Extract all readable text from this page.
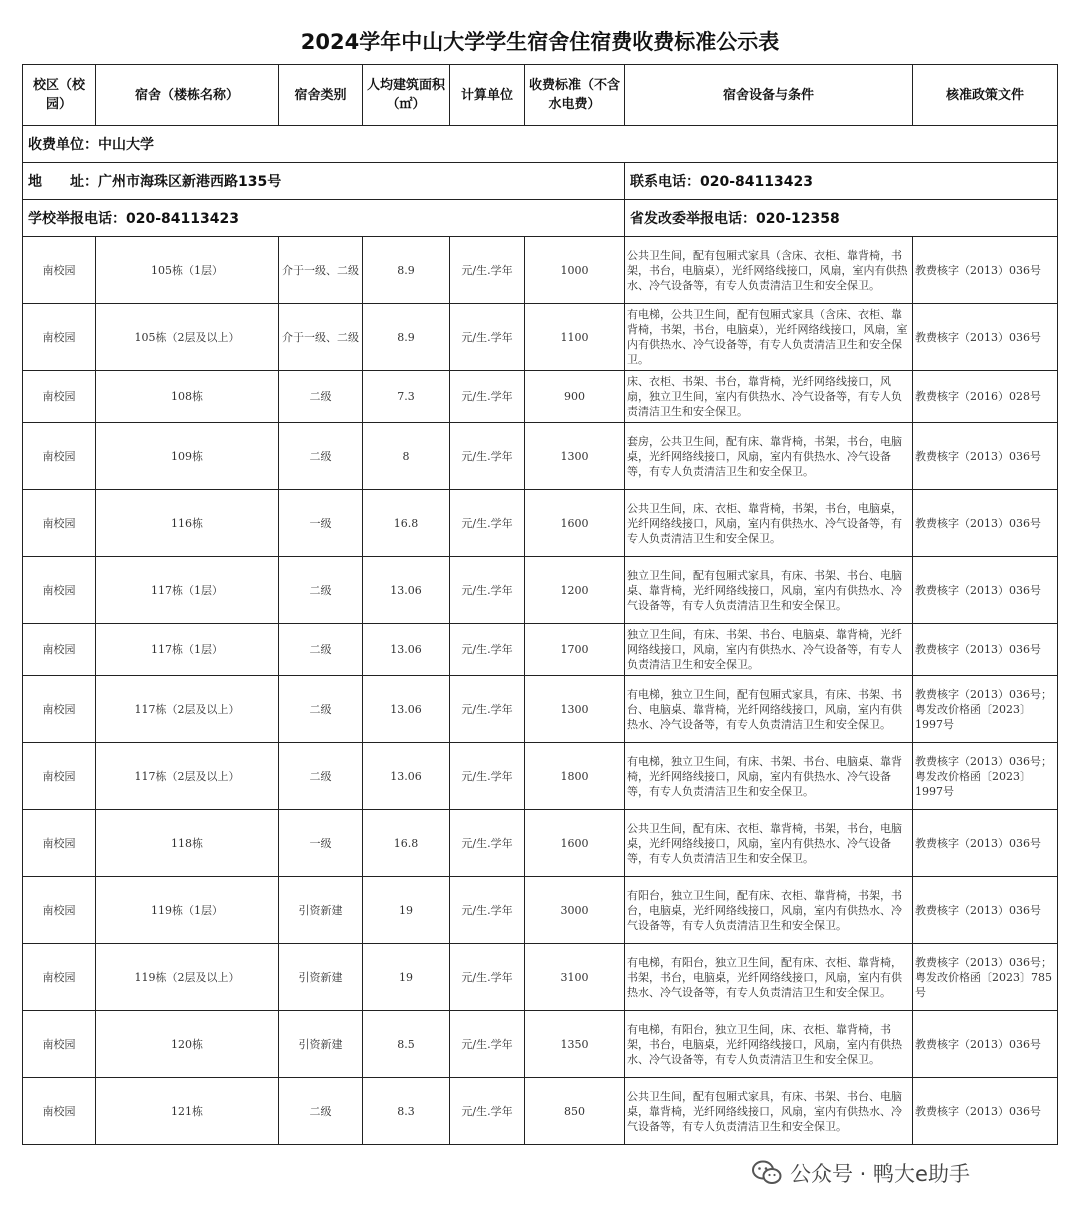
2024学年中山大学学生宿舍住宿费收费标准公示表
收费单位：中山大学							
地　　址：广州市海珠区新港西路135号						联系电话：020-84113423	
学校举报电话：020-84113423						省发改委举报电话：020-12358	
校区（校园）	宿舍（楼栋名称）	宿舍类别	人均建筑面积（㎡）	计算单位	收费标准（不含水电费）	宿舍设备与条件	核准政策文件
南校园	105栋（1层）	介于一级、二级	8.9	元/生.学年	1000	公共卫生间，配有包厢式家具（含床、衣柜、靠背椅，书架，书台，电脑桌），光纤网络线接口，风扇，室内有供热水、冷气设备等，有专人负责清洁卫生和安全保卫。	教费核字（2013）036号
南校园	105栋（2层及以上）	介于一级、二级	8.9	元/生.学年	1100	有电梯，公共卫生间，配有包厢式家具（含床、衣柜、靠背椅，书架，书台，电脑桌），光纤网络线接口，风扇，室内有供热水、冷气设备等，有专人负责清洁卫生和安全保卫。	教费核字（2013）036号
南校园	108栋	二级	7.3	元/生.学年	900	床、衣柜、书架、书台，靠背椅，光纤网络线接口，风扇，独立卫生间，室内有供热水、冷气设备等，有专人负责清洁卫生和安全保卫。	教费核字（2016）028号
南校园	109栋	二级	8	元/生.学年	1300	套房，公共卫生间，配有床、靠背椅，书架，书台，电脑桌，光纤网络线接口，风扇，室内有供热水、冷气设备等，有专人负责清洁卫生和安全保卫。	教费核字（2013）036号
南校园	116栋	一级	16.8	元/生.学年	1600	公共卫生间，床、衣柜、靠背椅，书架，书台，电脑桌，光纤网络线接口，风扇，室内有供热水、冷气设备等，有专人负责清洁卫生和安全保卫。	教费核字（2013）036号
南校园	117栋（1层）	二级	13.06	元/生.学年	1200	独立卫生间，配有包厢式家具，有床、书架、书台、电脑桌、靠背椅，光纤网络线接口，风扇，室内有供热水、冷气设备等，有专人负责清洁卫生和安全保卫。	教费核字（2013）036号
南校园	117栋（1层）	二级	13.06	元/生.学年	1700	独立卫生间，有床、书架、书台、电脑桌、靠背椅，光纤网络线接口，风扇，室内有供热水、冷气设备等，有专人负责清洁卫生和安全保卫。	教费核字（2013）036号
南校园	117栋（2层及以上）	二级	13.06	元/生.学年	1300	有电梯，独立卫生间，配有包厢式家具，有床、书架、书台、电脑桌、靠背椅，光纤网络线接口，风扇，室内有供热水、冷气设备等，有专人负责清洁卫生和安全保卫。	教费核字（2013）036号；粤发改价格函〔2023〕1997号
南校园	117栋（2层及以上）	二级	13.06	元/生.学年	1800	有电梯，独立卫生间，有床、书架、书台、电脑桌、靠背椅，光纤网络线接口，风扇，室内有供热水、冷气设备等，有专人负责清洁卫生和安全保卫。	教费核字（2013）036号；粤发改价格函〔2023〕1997号
南校园	118栋	一级	16.8	元/生.学年	1600	公共卫生间，配有床、衣柜、靠背椅，书架，书台，电脑桌，光纤网络线接口，风扇，室内有供热水、冷气设备等，有专人负责清洁卫生和安全保卫。	教费核字（2013）036号
南校园	119栋（1层）	引资新建	19	元/生.学年	3000	有阳台，独立卫生间，配有床、衣柜、靠背椅，书架，书台，电脑桌，光纤网络线接口，风扇，室内有供热水、冷气设备等，有专人负责清洁卫生和安全保卫。	教费核字（2013）036号
南校园	119栋（2层及以上）	引资新建	19	元/生.学年	3100	有电梯，有阳台，独立卫生间，配有床、衣柜、靠背椅，书架，书台，电脑桌，光纤网络线接口，风扇，室内有供热水、冷气设备等，有专人负责清洁卫生和安全保卫。	教费核字（2013）036号；粤发改价格函〔2023〕785号
南校园	120栋	引资新建	8.5	元/生.学年	1350	有电梯，有阳台，独立卫生间，床、衣柜、靠背椅，书架，书台，电脑桌，光纤网络线接口，风扇，室内有供热水、冷气设备等，有专人负责清洁卫生和安全保卫。	教费核字（2013）036号
南校园	121栋	二级	8.3	元/生.学年	850	公共卫生间，配有包厢式家具，有床、书架、书台、电脑桌，靠背椅，光纤网络线接口，风扇，室内有供热水、冷气设备等，有专人负责清洁卫生和安全保卫。	教费核字（2013）036号
公众号 · 鸭大e助手
